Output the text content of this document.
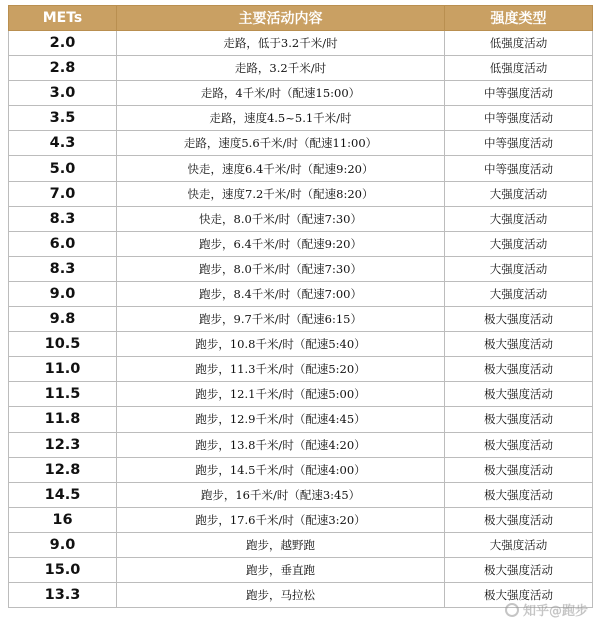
METs	主要活动内容	强度类型
2.0	走路，低于3.2千米/时	低强度活动
2.8	走路，3.2千米/时	低强度活动
3.0	走路，4千米/时（配速15:00）	中等强度活动
3.5	走路，速度4.5~5.1千米/时	中等强度活动
4.3	走路，速度5.6千米/时（配速11:00）	中等强度活动
5.0	快走，速度6.4千米/时（配速9:20）	中等强度活动
7.0	快走，速度7.2千米/时（配速8:20）	大强度活动
8.3	快走，8.0千米/时（配速7:30）	大强度活动
6.0	跑步，6.4千米/时（配速9:20）	大强度活动
8.3	跑步，8.0千米/时（配速7:30）	大强度活动
9.0	跑步，8.4千米/时（配速7:00）	大强度活动
9.8	跑步，9.7千米/时（配速6:15）	极大强度活动
10.5	跑步，10.8千米/时（配速5:40）	极大强度活动
11.0	跑步，11.3千米/时（配速5:20）	极大强度活动
11.5	跑步，12.1千米/时（配速5:00）	极大强度活动
11.8	跑步，12.9千米/时（配速4:45）	极大强度活动
12.3	跑步，13.8千米/时（配速4:20）	极大强度活动
12.8	跑步，14.5千米/时（配速4:00）	极大强度活动
14.5	跑步，16千米/时（配速3:45）	极大强度活动
16	跑步，17.6千米/时（配速3:20）	极大强度活动
9.0	跑步，越野跑	大强度活动
15.0	跑步，垂直跑	极大强度活动
13.3	跑步，马拉松	极大强度活动
知乎@跑步
